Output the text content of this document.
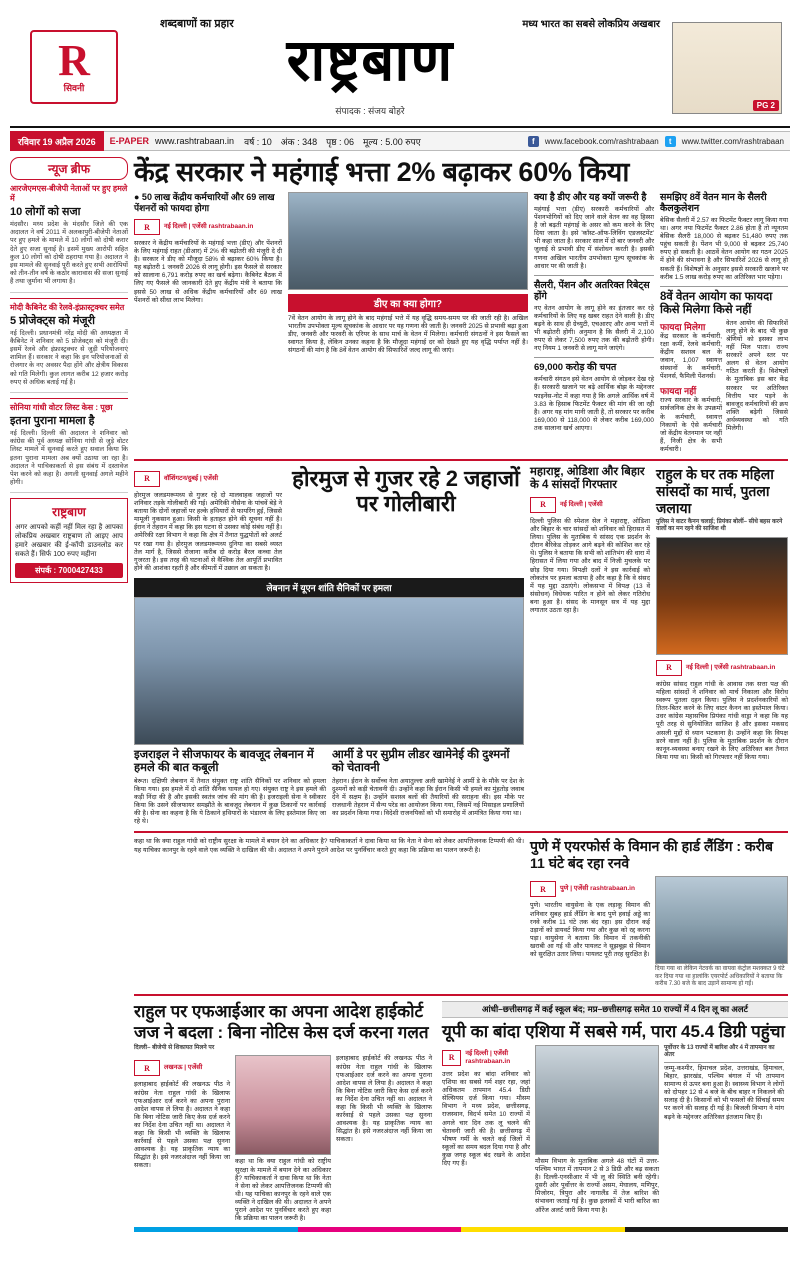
शब्दबाणों का प्रहार	मध्य भारत का सबसे लोकप्रिय अखबार
R
सिवनी	राष्ट्रबाण
संपादक : संजय बोहरे

PG 2
रविवार 19 अप्रैल 2026	E-PAPER www.rashtrabaan.in	वर्ष : 10	अंक : 348	पृष्ठ : 06	मूल्य : 5.00 रुपए	f	www.facebook.com/rashtrabaan	t	www.twitter.com/rashtrabaan
न्यूज ब्रीफ
आरजेएमएस-बीजेपी नेताओं पर हुए हमले में
10 लोगों को सजा
मंदसौर। मध्य प्रदेश के मंदसौर जिले की एक अदालत ने वर्ष 2011 में अलकापुरी-बीजेपी नेताओं पर हुए हमले के मामले में 10 लोगों को दोषी करार देते हुए सजा सुनाई है। इसमें मुख्य आरोपी सहित कुल 10 लोगों को दोषी ठहराया गया है। अदालत ने इस मामले की सुनवाई पूरी करते हुए सभी आरोपियों को तीन-तीन वर्ष के कठोर कारावास की सजा सुनाई है तथा जुर्माना भी लगाया है।
मोदी कैबिनेट की रेलवे-इंफ्रास्ट्रक्चर समेत
5 प्रोजेक्ट्स को मंजूरी
नई दिल्ली। प्रधानमंत्री नरेंद्र मोदी की अध्यक्षता में कैबिनेट ने शनिवार को 5 प्रोजेक्ट्स को मंजूरी दी। इसमें रेलवे और इंफ्रास्ट्रक्चर से जुड़ी परियोजनाएं शामिल हैं। सरकार ने कहा कि इन परियोजनाओं से रोजगार के नए अवसर पैदा होंगे और क्षेत्रीय विकास को गति मिलेगी। कुल लागत करीब 12 हजार करोड़ रुपए से अधिक बताई गई है।
सोनिया गांधी वोटर लिस्ट केस : पूछा
इतना पुराना मामला है
नई दिल्ली। दिल्ली की अदालत ने शनिवार को कांग्रेस की पूर्व अध्यक्ष सोनिया गांधी से जुड़े वोटर लिस्ट मामले में सुनवाई करते हुए सवाल किया कि इतना पुराना मामला अब क्यों उठाया जा रहा है। अदालत ने याचिकाकर्ता से इस संबंध में दस्तावेज पेश करने को कहा है। अगली सुनवाई अगले महीने होगी।
राष्ट्रबाण
अगर आपको कहीं नहीं मिल रहा है आपका लोकप्रिय अखबार राष्ट्रबाण तो आइए आप हमारे अखबार की ई-कॉपी डाउनलोड कर सकते हैं। सिर्फ 100 रुपए महीना
संपर्क : 7000427433
केंद्र सरकार ने महंगाई भत्ता 2% बढ़ाकर 60% किया
● 50 लाख केंद्रीय कर्मचारियों और 69 लाख पेंशनरों को फायदा होगा
R	नई दिल्ली | एजेंसी rashtrabaan.in
सरकार ने केंद्रीय कर्मचारियों के महंगाई भत्ता (डीए) और पेंशनरों के लिए महंगाई राहत (डीआर) में 2% की बढ़ोतरी की मंजूरी दे दी है। सरकार ने डीए को मौजूदा 58% से बढ़ाकर 60% किया है। यह बढ़ोतरी 1 जनवरी 2026 से लागू होगी। इस फैसले से सरकार को सालाना 6,791 करोड़ रुपए का खर्च बढ़ेगा। कैबिनेट बैठक में लिए गए फैसले की जानकारी देते हुए केंद्रीय मंत्री ने बताया कि इससे 50 लाख से अधिक केंद्रीय कर्मचारियों और 69 लाख पेंशनरों को सीधा लाभ मिलेगा।	डीए का क्या होगा?
7वें वेतन आयोग के लागू होने के बाद महंगाई भत्ते में यह वृद्धि समय-समय पर की जाती रही है। अखिल भारतीय उपभोक्ता मूल्य सूचकांक के आधार पर यह गणना की जाती है। जनवरी 2025 से प्रभावी बढ़ा हुआ डीए, जनवरी और फरवरी के एरियर के साथ मार्च के वेतन में मिलेगा। कर्मचारी संगठनों ने इस फैसले का स्वागत किया है, लेकिन उनका कहना है कि मौजूदा महंगाई दर को देखते हुए यह वृद्धि पर्याप्त नहीं है। संगठनों की मांग है कि 8वें वेतन आयोग की सिफारिशें जल्द लागू की जाएं।
क्या है डीए और यह क्यों जरूरी है
महंगाई भत्ता (डीए) सरकारी कर्मचारियों और पेंशनभोगियों को दिए जाने वाले वेतन का वह हिस्सा है जो बढ़ती महंगाई के असर को कम करने के लिए दिया जाता है। इसे 'कॉस्ट-ऑफ-लिविंग एडजस्टमेंट' भी कहा जाता है। सरकार साल में दो बार जनवरी और जुलाई से प्रभावी डीए में संशोधन करती है। इसकी गणना अखिल भारतीय उपभोक्ता मूल्य सूचकांक के आधार पर की जाती है।
सैलरी, पेंशन और अतरिक्त रिबेट्स होंगे
नए वेतन आयोग के लागू होने का इंतजार कर रहे कर्मचारियों के लिए यह खबर राहत देने वाली है। डीए बढ़ने के साथ ही ग्रेच्युटी, एचआरए और अन्य भत्तों में भी बढ़ोतरी होगी। अनुमान है कि सैलरी में 2,100 रुपए से लेकर 7,500 रुपए तक की बढ़ोतरी होगी। नए नियम 1 जनवरी से लागू माने जाएंगे।
69,000 करोड़ की चपत
कर्मचारी संगठन इसे वेतन आयोग से जोड़कर देख रहे हैं। सरकारी खजाने पर बढ़े आर्थिक बोझ के मद्देनजर फाइनेंस-नोट में कहा गया है कि अगले आर्थिक वर्ष में 3.83 के हिसाब फिटमेंट फैक्टर की मांग की जा रही है। अगर यह मांग मानी जाती है, तो सरकार पर करीब 169,000 से 118,000 से लेकर करीब 169,000 तक सालाना खर्च आएगा।
समझिए 8वें वेतन मान के सैलरी कैलकुलेशन
बेसिक सैलरी में 2.57 का फिटमेंट फैक्टर लागू किया गया था। अगर नया फिटमेंट फैक्टर 2.86 होता है तो न्यूनतम बेसिक सैलरी 18,000 से बढ़कर 51,480 रुपए तक पहुंच सकती है। पेंशन भी 9,000 से बढ़कर 25,740 रुपए हो सकती है। आठवें वेतन आयोग का गठन 2025 में होने की संभावना है और सिफारिशें 2026 से लागू हो सकती हैं। विशेषज्ञों के अनुसार इससे सरकारी खजाने पर करीब 1.5 लाख करोड़ रुपए का अतिरिक्त भार पड़ेगा।
8वें वेतन आयोग का फायदा किसे मिलेगा किसे नहीं
फायदा मिलेगा
केंद्र सरकार के कर्मचारी, रक्षा कर्मी, रेलवे कर्मचारी, केंद्रीय सशस्त्र बल के जवान, 1,007 स्वायत्त संस्थानों के कर्मचारी, पेंशनर्स, फैमिली पेंशनर्स।
फायदा नहीं
राज्य सरकार के कर्मचारी, सार्वजनिक क्षेत्र के उपक्रमों के कर्मचारी, स्वायत्त निकायों के ऐसे कर्मचारी जो केंद्रीय वेतनमान पर नहीं हैं, निजी क्षेत्र के सभी कर्मचारी।
वेतन आयोग की सिफारिशें लागू होने के बाद भी कुछ श्रेणियों को इसका लाभ नहीं मिल पाता। राज्य सरकारें अपने स्तर पर अलग से वेतन आयोग गठित करती हैं। विशेषज्ञों के मुताबिक इस बार केंद्र सरकार पर अतिरिक्त वित्तीय भार पड़ने के बावजूद कर्मचारियों की क्रय शक्ति बढ़ेगी जिससे अर्थव्यवस्था को गति मिलेगी।
R	वॉशिंगटन/दुबई | एजेंसी
होरमुज जलडमरूमध्य से गुजर रहे दो मालवाहक जहाजों पर शनिवार तड़के गोलीबारी की गई। अमेरिकी नौसेना के पांचवें बेड़े ने बताया कि दोनों जहाजों पर हल्के हथियारों से फायरिंग हुई, जिससे मामूली नुकसान हुआ। किसी के हताहत होने की सूचना नहीं है। ईरान ने तेहरान में कहा कि इस घटना से उसका कोई संबंध नहीं है। अमेरिकी रक्षा विभाग ने कहा कि क्षेत्र में तैनात युद्धपोतों को अलर्ट पर रखा गया है। होरमुज जलडमरूमध्य दुनिया का सबसे व्यस्त तेल मार्ग है, जिससे रोजाना करीब दो करोड़ बैरल कच्चा तेल गुजरता है। इस तरह की घटनाओं से वैश्विक तेल आपूर्ति प्रभावित होने की आशंका रहती है और कीमतों में उछाल आ सकता है।
होरमुज से गुजर रहे 2 जहाजों पर गोलीबारी
लेबनान में यूएन शांति सैनिकों पर हमला
इजराइल ने सीजफायर के बावजूद लेबनान में हमले की बात कबूली
बेरूत। दक्षिणी लेबनान में तैनात संयुक्त राष्ट्र शांति सैनिकों पर शनिवार को हमला किया गया। इस हमले में दो शांति सैनिक घायल हो गए। संयुक्त राष्ट्र ने इस हमले की कड़ी निंदा की है और इसकी स्वतंत्र जांच की मांग की है। इजराइली सेना ने स्वीकार किया कि उसने सीजफायर समझौते के बावजूद लेबनान में कुछ ठिकानों पर कार्रवाई की है। सेना का कहना है कि ये ठिकाने हथियारों के भंडारण के लिए इस्तेमाल किए जा रहे थे।
आर्मी डे पर सुप्रीम लीडर खामेनेई की दुश्मनों को चेतावनी
तेहरान। ईरान के सर्वोच्च नेता अयातुल्ला अली खामेनेई ने आर्मी डे के मौके पर देश के दुश्मनों को कड़ी चेतावनी दी। उन्होंने कहा कि ईरान किसी भी हमले का मुंहतोड़ जवाब देने में सक्षम है। उन्होंने सशस्त्र बलों की तैयारियों की सराहना की। इस मौके पर राजधानी तेहरान में सैन्य परेड का आयोजन किया गया, जिसमें नई मिसाइल प्रणालियों का प्रदर्शन किया गया। विदेशी राजनयिकों को भी समारोह में आमंत्रित किया गया था।
महाराष्ट्र, ओडिशा और बिहार के 4 सांसदों गिरफ्तार
R	नई दिल्ली | एजेंसी
दिल्ली पुलिस की स्पेशल सेल ने महाराष्ट्र, ओडिशा और बिहार के चार सांसदों को शनिवार को हिरासत में लिया। पुलिस के मुताबिक ये सांसद एक प्रदर्शन के दौरान बैरिकेड तोड़कर आगे बढ़ने की कोशिश कर रहे थे। पुलिस ने बताया कि सभी को शांतिभंग की धारा में हिरासत में लिया गया और बाद में निजी मुचलके पर छोड़ दिया गया। विपक्षी दलों ने इस कार्रवाई को लोकतंत्र पर हमला बताया है और कहा है कि वे संसद में यह मुद्दा उठाएंगे। लोकसभा में विपक्ष (13 वें संसोधन) विधेयक पारित न होने को लेकर गतिरोध बना हुआ है। संसद के मानसून सत्र में यह मुद्दा लगातार उठता रहा है।
राहुल के घर तक महिला सांसदों का मार्च, पुतला जलाया
पुलिस ने वाटर कैनन चलाई; प्रियंका बोलीं– सीधे बहस करने वालों का मन रहने की साजिश थी
R	नई दिल्ली | एजेंसी rashtrabaan.in
कांग्रेस सांसद राहुल गांधी के आवास तक सत्ता पक्ष की महिला सांसदों ने शनिवार को मार्च निकाला और विरोध स्वरूप पुतला दहन किया। पुलिस ने प्रदर्शनकारियों को तितर-बितर करने के लिए वाटर कैनन का इस्तेमाल किया। उधर कांग्रेस महासचिव प्रियंका गांधी वाड्रा ने कहा कि यह पूरी तरह से सुनियोजित साजिश है और इसका मकसद असली मुद्दों से ध्यान भटकाना है। उन्होंने कहा कि विपक्ष डरने वाला नहीं है। पुलिस के मुताबिक प्रदर्शन के दौरान कानून-व्यवस्था बनाए रखने के लिए अतिरिक्त बल तैनात किया गया था। किसी को गिरफ्तार नहीं किया गया।
कहा था कि क्या राहुल गांधी को राष्ट्रीय सुरक्षा के मामले में बयान देने का अधिकार है? याचिकाकर्ता ने दावा किया था कि नेता ने सेना को लेकर आपत्तिजनक टिप्पणी की थी। यह याचिका कानपुर के रहने वाले एक व्यक्ति ने दाखिल की थी। अदालत ने अपने पुराने आदेश पर पुनर्विचार करते हुए कहा कि प्रक्रिया का पालन जरूरी है।	पुणे में एयरफोर्स के विमान की हार्ड लैंडिंग : करीब 11 घंटे बंद रहा रनवे
R	पुणे | एजेंसी rashtrabaan.in
पुणे। भारतीय वायुसेना के एक लड़ाकू विमान की शनिवार सुबह हार्ड लैंडिंग के बाद पुणे हवाई अड्डे का रनवे करीब 11 घंटे तक बंद रहा। इस दौरान कई उड़ानों को डायवर्ट किया गया और कुछ को रद्द करना पड़ा। वायुसेना ने बताया कि विमान में तकनीकी खराबी आ गई थी और पायलट ने सूझबूझ से विमान को सुरक्षित उतार लिया। पायलट पूरी तरह सुरक्षित है।
दिया गया था लेकिन नेटवर्क का वायवा कंट्रोल मशक्कत 9 घंटे कर दिया गया था हालांकि एयरपोर्ट अधिकारियों ने बताया कि करीब 7.30 बजे के बाद उड़ानें सामान्य हो गईं।
राहुल पर एफआईआर का अपना आदेश हाईकोर्ट जज ने बदला : बिना नोटिस केस दर्ज करना गलत
दिल्ली– बीजेपी से शिकायत मिलने पर
R	लखनऊ | एजेंसी
इलाहाबाद हाईकोर्ट की लखनऊ पीठ ने कांग्रेस नेता राहुल गांधी के खिलाफ एफआईआर दर्ज करने का अपना पुराना आदेश वापस ले लिया है। अदालत ने कहा कि बिना नोटिस जारी किए केस दर्ज करने का निर्देश देना उचित नहीं था। अदालत ने कहा कि किसी भी व्यक्ति के खिलाफ कार्रवाई से पहले उसका पक्ष सुनना आवश्यक है। यह प्राकृतिक न्याय का सिद्धांत है। इसे नजरअंदाज नहीं किया जा सकता।
कहा था कि क्या राहुल गांधी को राष्ट्रीय सुरक्षा के मामले में बयान देने का अधिकार है? याचिकाकर्ता ने दावा किया था कि नेता ने सेना को लेकर आपत्तिजनक टिप्पणी की थी। यह याचिका कानपुर के रहने वाले एक व्यक्ति ने दाखिल की थी। अदालत ने अपने पुराने आदेश पर पुनर्विचार करते हुए कहा कि प्रक्रिया का पालन जरूरी है।
इलाहाबाद हाईकोर्ट की लखनऊ पीठ ने कांग्रेस नेता राहुल गांधी के खिलाफ एफआईआर दर्ज करने का अपना पुराना आदेश वापस ले लिया है। अदालत ने कहा कि बिना नोटिस जारी किए केस दर्ज करने का निर्देश देना उचित नहीं था। अदालत ने कहा कि किसी भी व्यक्ति के खिलाफ कार्रवाई से पहले उसका पक्ष सुनना आवश्यक है। यह प्राकृतिक न्याय का सिद्धांत है। इसे नजरअंदाज नहीं किया जा सकता।
आंधी–छत्तीसगढ़ में कई स्कूल बंद; मप्र–छत्तीसगढ़ समेत 10 राज्यों में 4 दिन लू का अलर्ट
यूपी का बांदा एशिया में सबसे गर्म, पारा 45.4 डिग्री पहुंचा
R	नई दिल्ली | एजेंसी rashtrabaan.in
उत्तर प्रदेश का बांदा शनिवार को एशिया का सबसे गर्म शहर रहा, जहां अधिकतम तापमान 45.4 डिग्री सेल्सियस दर्ज किया गया। मौसम विभाग ने मध्य प्रदेश, छत्तीसगढ़, राजस्थान, विदर्भ समेत 10 राज्यों में अगले चार दिन तक लू चलने की चेतावनी जारी की है। छत्तीसगढ़ में भीषण गर्मी के चलते कई जिलों में स्कूलों का समय बदल दिया गया है और कुछ जगह स्कूल बंद रखने के आदेश दिए गए हैं।	मौसम विभाग के मुताबिक अगले 48 घंटों में उत्तर-पश्चिम भारत में तापमान 2 से 3 डिग्री और बढ़ सकता है। दिल्ली-एनसीआर में भी लू की स्थिति बनी रहेगी। दूसरी ओर पूर्वोत्तर के राज्यों असम, मेघालय, मणिपुर, मिजोरम, त्रिपुरा और नागालैंड में तेज बारिश की संभावना जताई गई है। कुछ इलाकों में भारी बारिश का ऑरेंज अलर्ट जारी किया गया है।
पूर्वोत्तर के 13 राज्यों में बारिश और 4 में तापमान का अंतर
जम्मू-कश्मीर, हिमाचल प्रदेश, उत्तराखंड, हिमाचल, बिहार, झारखंड, पश्चिम बंगाल में भी तापमान सामान्य से ऊपर बना हुआ है। स्वास्थ्य विभाग ने लोगों को दोपहर 12 से 4 बजे के बीच बाहर न निकलने की सलाह दी है। किसानों को भी फसलों की सिंचाई समय पर करने की सलाह दी गई है। बिजली विभाग ने मांग बढ़ने के मद्देनजर अतिरिक्त इंतजाम किए हैं।
